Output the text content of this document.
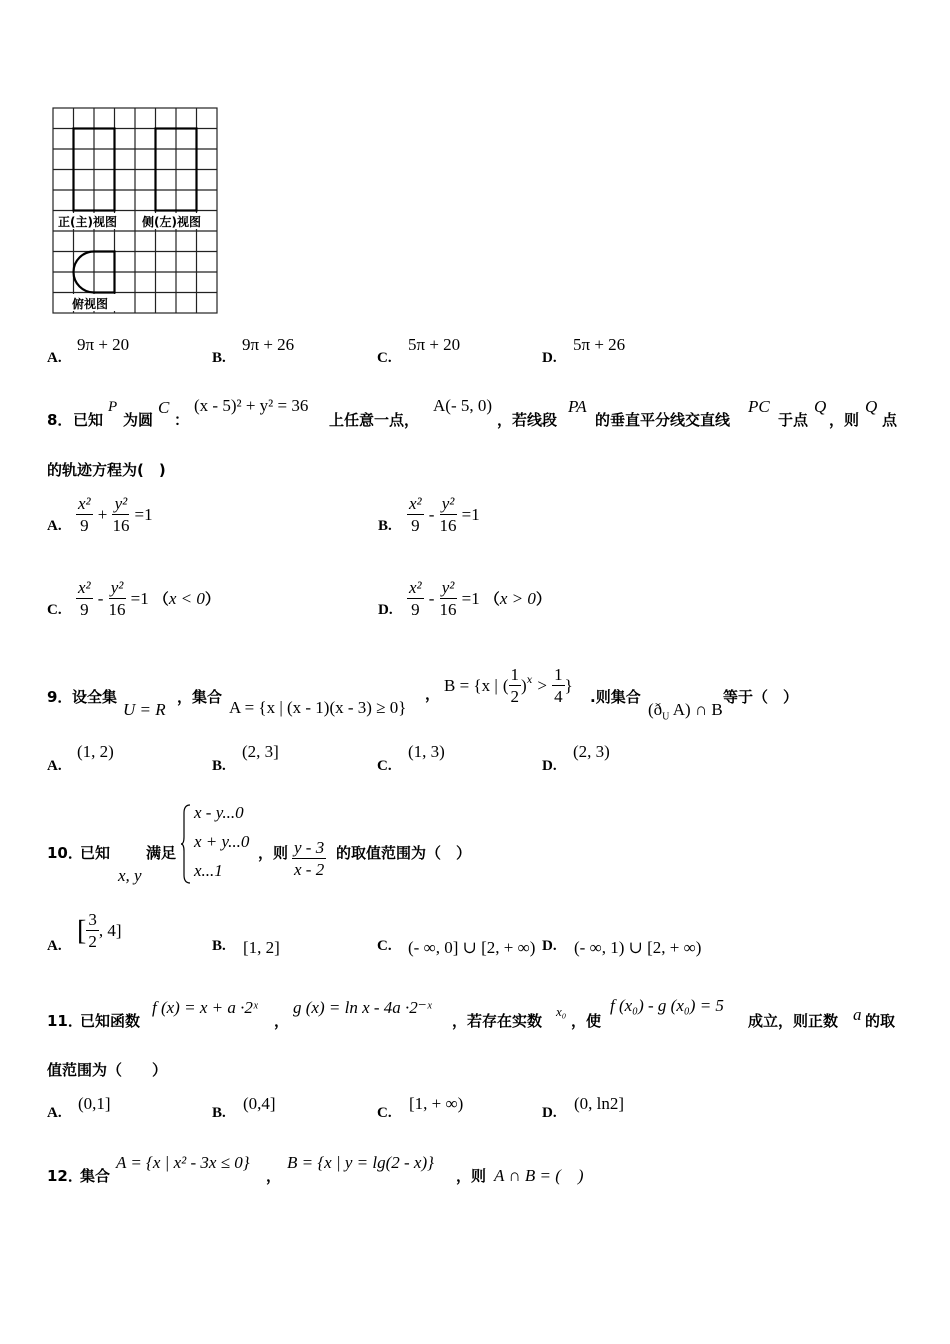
正(主)视图 侧(左)视图
俯视图
A.
9π + 20
B.
9π + 26
C.
5π + 20
D.
5π + 26
8． 已知
P
为圆
C
：
(x - 5)² + y² = 36
上任意一点，
A(- 5, 0)
，若线段
PA
的垂直平分线交直线
PC
于点
Q
，则
Q
点
的轨迹方程为(　)
A. $\frac{\text{x²}}{9} + \frac{\text{y²}}{16} =1$
B. $\frac{\text{x²}}{9} - \frac{\text{y²}}{16} =1$
C. $\frac{\text{x²}}{9} - \frac{\text{y²}}{16} =1$ （x < 0）
D. $\frac{\text{x²}}{9} - \frac{\text{y²}}{16} =1$ （x > 0）
9． 设全集
U = R
，集合
A = {x | (x - 1)(x - 3) ≥ 0}
， B = {x | ( $\frac{1}{2} )^x > \frac{1}{4}$ }
.则集合
($ð_U$ A) ∩ B
等于（　）
A.
(1, 2)
B.
(2, 3]
C.
(1, 3)
D.
(2, 3)
10．
已知
x, y
满足
x - y...0
x + y...0
x...1
，则 $\frac{y - 3}{x - 2}$ 的取值范围为（　）
A. [ $\frac{3}{2}$ , 4]
B. [1, 2]	C. (- ∞, 0] ∪ [2, + ∞) D. (- ∞, 1) ∪ [2, + ∞)
11．
已知函数
f (x) = x + a ·2ˣ
，
g (x) = ln x - 4a ·2⁻ˣ
，若存在实数
x₀
，使
f (x₀) - g (x₀) = 5
成立，则正数 a 的取
值范围为（　　）
A. (0,1]	B. (0,4]	C. [1, + ∞)	D. (0, ln2]
12．
集合
A = {x | x² - 3x ≤ 0}
，
B = {x | y = lg(2 - x)}
，则 A ∩ B = (　)
